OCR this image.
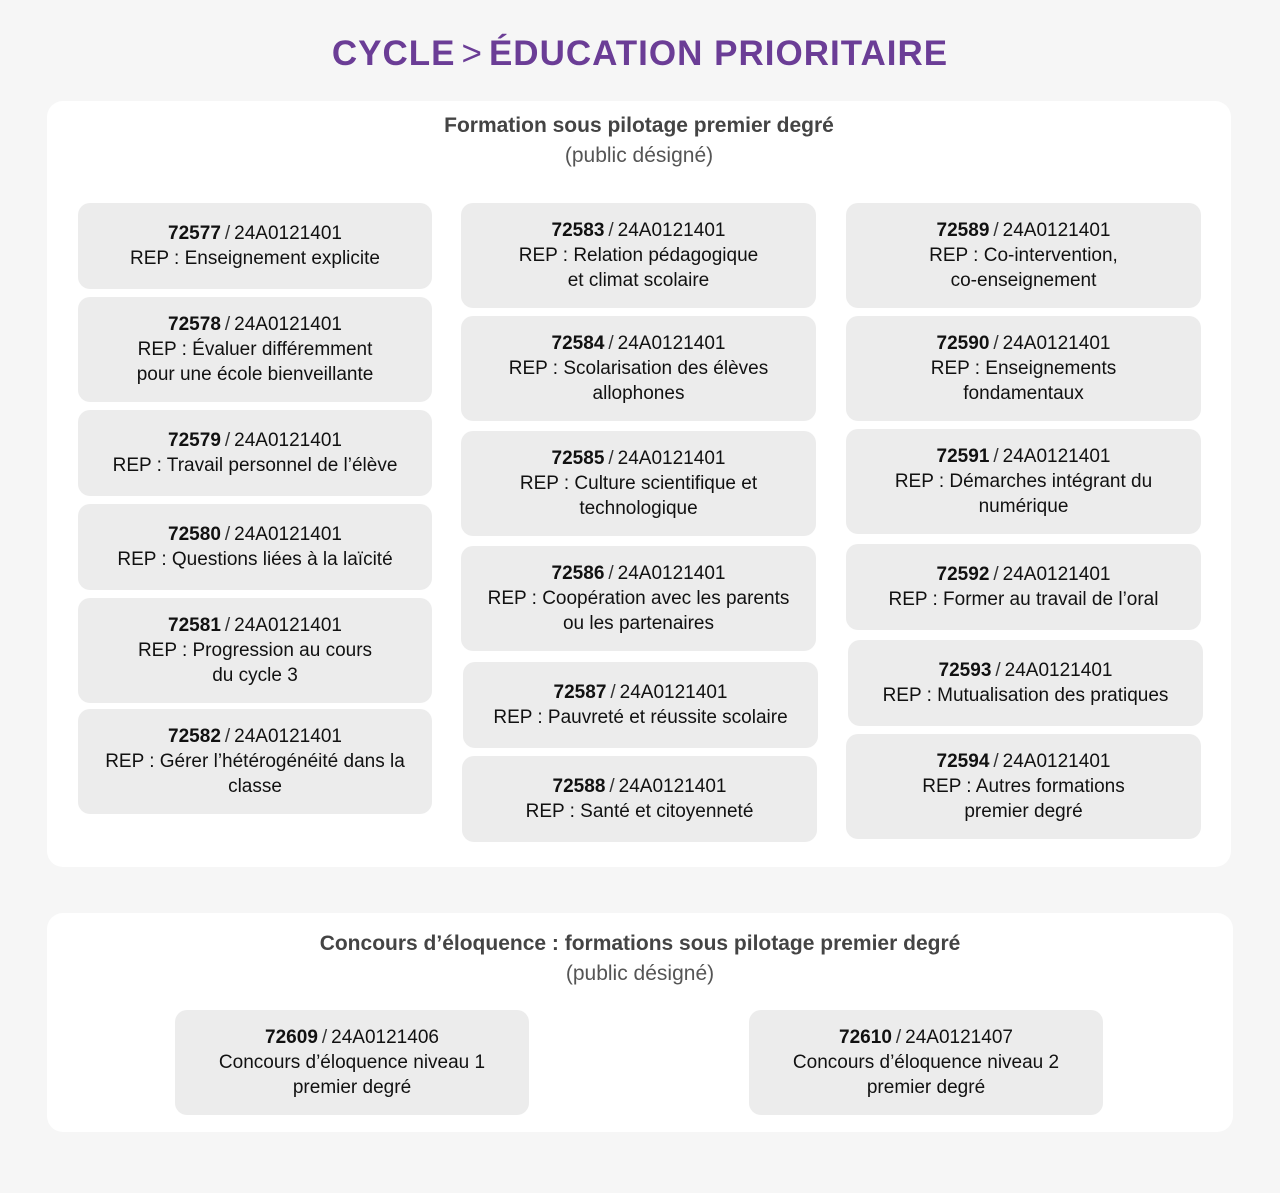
CYCLE > ÉDUCATION PRIORITAIRE
Formation sous pilotage premier degré
(public désigné)
72577 / 24A0121401
REP : Enseignement explicite
72578 / 24A0121401
REP : Évaluer différemment
pour une école bienveillante
72579 / 24A0121401
REP : Travail personnel de l’élève
72580 / 24A0121401
REP : Questions liées à la laïcité
72581 / 24A0121401
REP : Progression au cours
du cycle 3
72582 / 24A0121401
REP : Gérer l’hétérogénéité dans la
classe
72583 / 24A0121401
REP : Relation pédagogique
et climat scolaire
72584 / 24A0121401
REP : Scolarisation des élèves
allophones
72585 / 24A0121401
REP : Culture scientifique et
technologique
72586 / 24A0121401
REP : Coopération avec les parents
ou les partenaires
72587 / 24A0121401
REP : Pauvreté et réussite scolaire
72588 / 24A0121401
REP : Santé et citoyenneté
72589 / 24A0121401
REP : Co-intervention,
co-enseignement
72590 / 24A0121401
REP : Enseignements
fondamentaux
72591 / 24A0121401
REP : Démarches intégrant du
numérique
72592 / 24A0121401
REP : Former au travail de l’oral
72593 / 24A0121401
REP : Mutualisation des pratiques
72594 / 24A0121401
REP : Autres formations
premier degré
Concours d’éloquence : formations sous pilotage premier degré
(public désigné)
72609 / 24A0121406
Concours d’éloquence niveau 1
premier degré
72610 / 24A0121407
Concours d’éloquence niveau 2
premier degré
